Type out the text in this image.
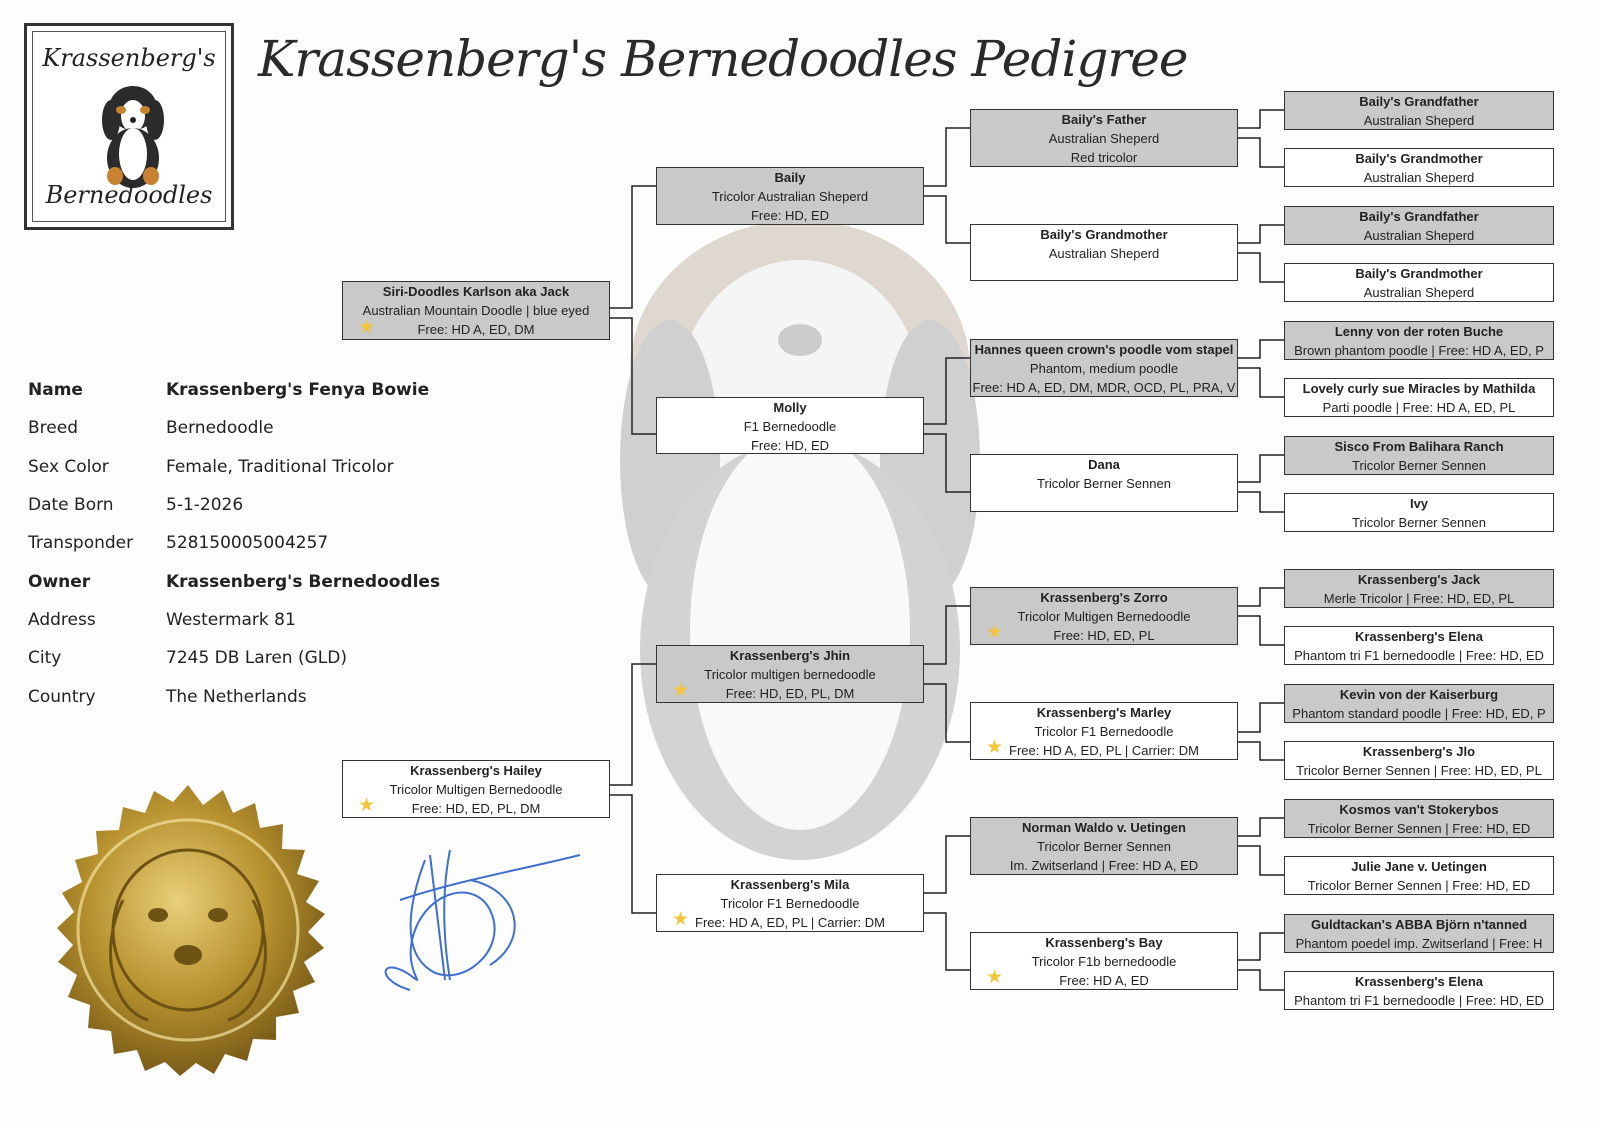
Krassenberg's
Bernedoodles
Krassenberg's Bernedoodles Pedigree
Name	Krassenberg's Fenya Bowie
Breed	Bernedoodle
Sex Color	Female, Traditional Tricolor
Date Born	5-1-2026
Transponder 528150005004257
Owner	Krassenberg's Bernedoodles
Address	Westermark 81
City	7245 DB Laren (GLD)
Country	The Netherlands
Siri-Doodles Karlson aka Jack
Australian Mountain Doodle | blue eyed
Free: HD A, ED, DM
★
Krassenberg's Hailey
Tricolor Multigen Bernedoodle
Free: HD, ED, PL, DM
★
Baily
Tricolor Australian Sheperd
Free: HD, ED
Molly
F1 Bernedoodle
Free: HD, ED
Krassenberg's Jhin
Tricolor multigen bernedoodle
Free: HD, ED, PL, DM
★
Krassenberg's Mila
Tricolor F1 Bernedoodle
Free: HD A, ED, PL | Carrier: DM
★
Baily's Father
Australian Sheperd
Red tricolor
Baily's Grandmother
Australian Sheperd
Hannes queen crown's poodle vom stapel
Phantom, medium poodle
Free: HD A, ED, DM, MDR, OCD, PL, PRA, V
Dana
Tricolor Berner Sennen
Krassenberg's Zorro
Tricolor Multigen Bernedoodle
Free: HD, ED, PL
★
Krassenberg's Marley
Tricolor F1 Bernedoodle
Free: HD A, ED, PL | Carrier: DM
★
Norman Waldo v. Uetingen
Tricolor Berner Sennen
Im. Zwitserland | Free: HD A, ED
Krassenberg's Bay
Tricolor F1b bernedoodle
Free: HD A, ED
★
Baily's Grandfather
Australian Sheperd
Baily's Grandmother
Australian Sheperd
Baily's Grandfather
Australian Sheperd
Baily's Grandmother
Australian Sheperd
Lenny von der roten Buche
Brown phantom poodle | Free: HD A, ED, P
Lovely curly sue Miracles by Mathilda
Parti poodle | Free: HD A, ED, PL
Sisco From Balihara Ranch
Tricolor Berner Sennen
Ivy
Tricolor Berner Sennen
Krassenberg's Jack
Merle Tricolor | Free: HD, ED, PL
Krassenberg's Elena
Phantom tri F1 bernedoodle | Free: HD, ED
Kevin von der Kaiserburg
Phantom standard poodle | Free: HD, ED, P
Krassenberg's Jlo
Tricolor Berner Sennen | Free: HD, ED, PL
Kosmos van't Stokerybos
Tricolor Berner Sennen | Free: HD, ED
Julie Jane v. Uetingen
Tricolor Berner Sennen | Free: HD, ED
Guldtackan's ABBA Björn n'tanned
Phantom poedel imp. Zwitserland | Free: H
Krassenberg's Elena
Phantom tri F1 bernedoodle | Free: HD, ED
